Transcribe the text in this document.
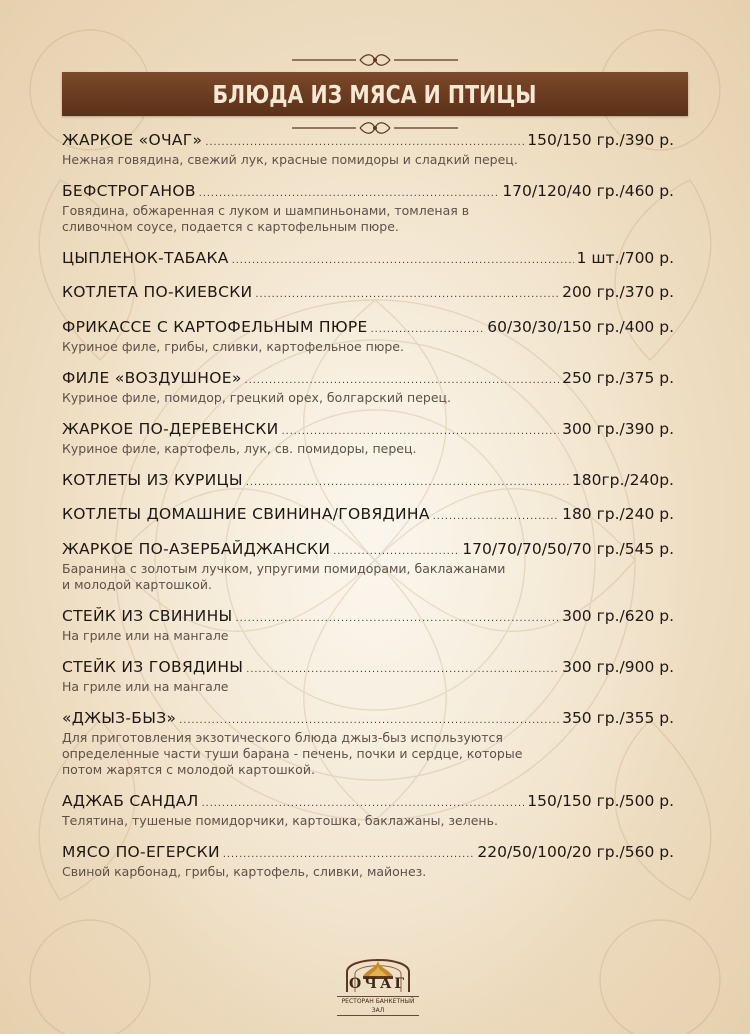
БЛЮДА ИЗ МЯСА И ПТИЦЫ
ЖАРКОЕ «ОЧАГ» .....	150/150 гр./390 р.
Нежная говядина, свежий лук, красные помидоры и сладкий перец.
БЕФСТРОГАНОВ .....	170/120/40 гр./460 р.
Говядина, обжаренная с луком и шампиньонами, томленая в
сливочном соусе, подается с картофельным пюре.
ЦЫПЛЕНОК-ТАБАКА .....	1 шт./700 р.
КОТЛЕТА ПО-КИЕВСКИ .....	200 гр./370 р.
ФРИКАССЕ С КАРТОФЕЛЬНЫМ ПЮРЕ .....	60/30/30/150 гр./400 р.
Куриное филе, грибы, сливки, картофельное пюре.
ФИЛЕ «ВОЗДУШНОЕ» .....	250 гр./375 р.
Куриное филе, помидор, грецкий орех, болгарский перец.
ЖАРКОЕ ПО-ДЕРЕВЕНСКИ .....	300 гр./390 р.
Куриное филе, картофель, лук, св. помидоры, перец.
КОТЛЕТЫ ИЗ КУРИЦЫ .....	180гр./240р.
КОТЛЕТЫ ДОМАШНИЕ СВИНИНА/ГОВЯДИНА .....	180 гр./240 р.
ЖАРКОЕ ПО-АЗЕРБАЙДЖАНСКИ .....	170/70/70/50/70 гр./545 р.
Баранина с золотым лучком, упругими помидорами, баклажанами
и молодой картошкой.
СТЕЙК ИЗ СВИНИНЫ .....	300 гр./620 р.
На гриле или на мангале
СТЕЙК ИЗ ГОВЯДИНЫ .....	300 гр./900 р.
На гриле или на мангале
«ДЖЫЗ-БЫЗ» .....	350 гр./355 р.
Для приготовления экзотического блюда джыз-быз используются
определенные части туши барана - печень, почки и сердце, которые
потом жарятся с молодой картошкой.
АДЖАБ САНДАЛ .....	150/150 гр./500 р.
Телятина, тушеные помидорчики, картошка, баклажаны, зелень.
МЯСО ПО-ЕГЕРСКИ .....	220/50/100/20 гр./560 р.
Свиной карбонад, грибы, картофель, сливки, майонез.
ОЧАГ
РЕСТОРАН БАНКЕТНЫЙ ЗАЛ
